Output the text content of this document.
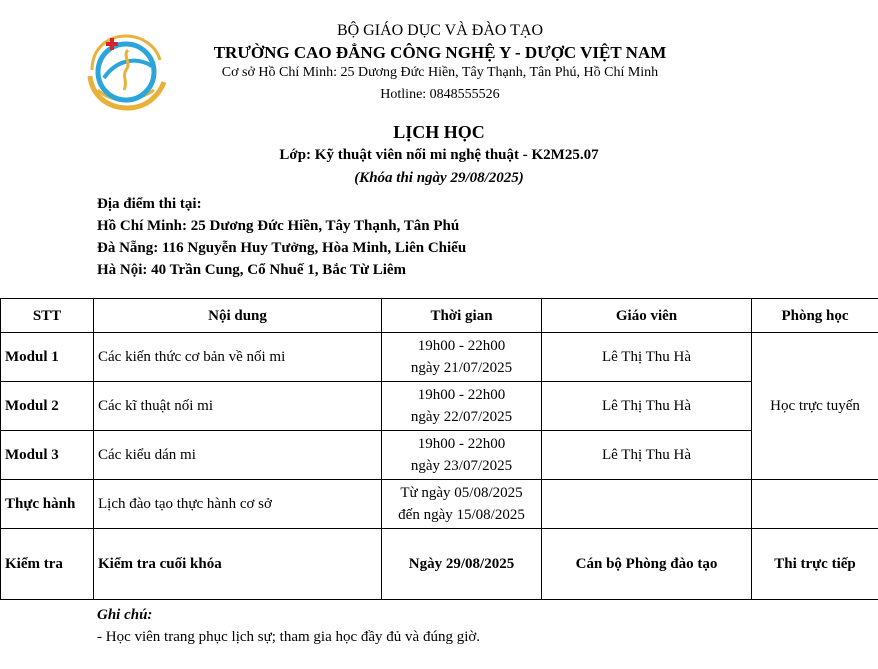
BỘ GIÁO DỤC VÀ ĐÀO TẠO
TRƯỜNG CAO ĐẲNG CÔNG NGHỆ Y - DƯỢC VIỆT NAM
Cơ sở Hồ Chí Minh: 25 Dương Đức Hiền, Tây Thạnh, Tân Phú, Hồ Chí Minh
Hotline: 0848555526
LỊCH HỌC
Lớp: Kỹ thuật viên nối mi nghệ thuật - K2M25.07
(Khóa thi ngày 29/08/2025)
Địa điểm thi tại:
Hồ Chí Minh: 25 Dương Đức Hiền, Tây Thạnh, Tân Phú
Đà Nẵng: 116 Nguyễn Huy Tưởng, Hòa Minh, Liên Chiểu
Hà Nội: 40 Trần Cung, Cổ Nhuế 1, Bắc Từ Liêm
STT	Nội dung	Thời gian	Giáo viên	Phòng học
Modul 1	Các kiến thức cơ bản về nối mi	19h00 - 22h00
ngày 21/07/2025	Lê Thị Thu Hà	Học trực tuyến
Modul 2	Các kĩ thuật nối mi	19h00 - 22h00
ngày 22/07/2025	Lê Thị Thu Hà	
Modul 3	Các kiểu dán mi	19h00 - 22h00
ngày 23/07/2025	Lê Thị Thu Hà	
Thực hành	Lịch đào tạo thực hành cơ sở	Từ ngày 05/08/2025
đến ngày 15/08/2025		

Kiểm tra	Kiểm tra cuối khóa	Ngày 29/08/2025	Cán bộ Phòng đào tạo	Thi trực tiếp
Ghi chú:
- Học viên trang phục lịch sự; tham gia học đầy đủ và đúng giờ.
